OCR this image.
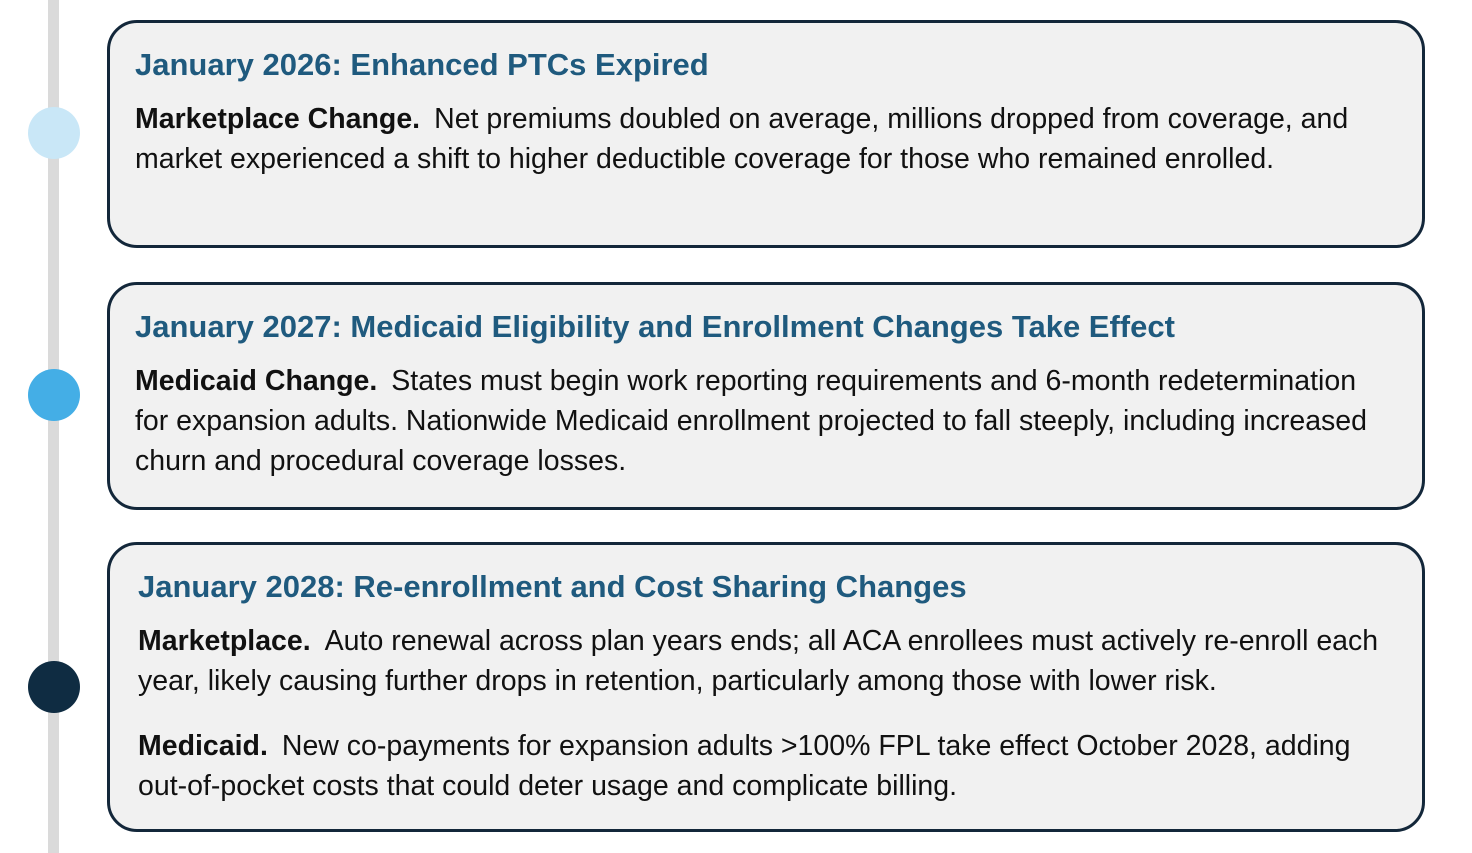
January 2026: Enhanced PTCs Expired

Marketplace Change. Net premiums doubled on average, millions dropped from coverage, and market experienced a shift to higher deductible coverage for those who remained enrolled.

January 2027: Medicaid Eligibility and Enrollment Changes Take Effect

Medicaid Change. States must begin work reporting requirements and 6-month redetermination for expansion adults. Nationwide Medicaid enrollment projected to fall steeply, including increased churn and procedural coverage losses.

January 2028: Re-enrollment and Cost Sharing Changes

Marketplace. Auto renewal across plan years ends; all ACA enrollees must actively re-enroll each year, likely causing further drops in retention, particularly among those with lower risk.

Medicaid. New co-payments for expansion adults >100% FPL take effect October 2028, adding out-of-pocket costs that could deter usage and complicate billing.
